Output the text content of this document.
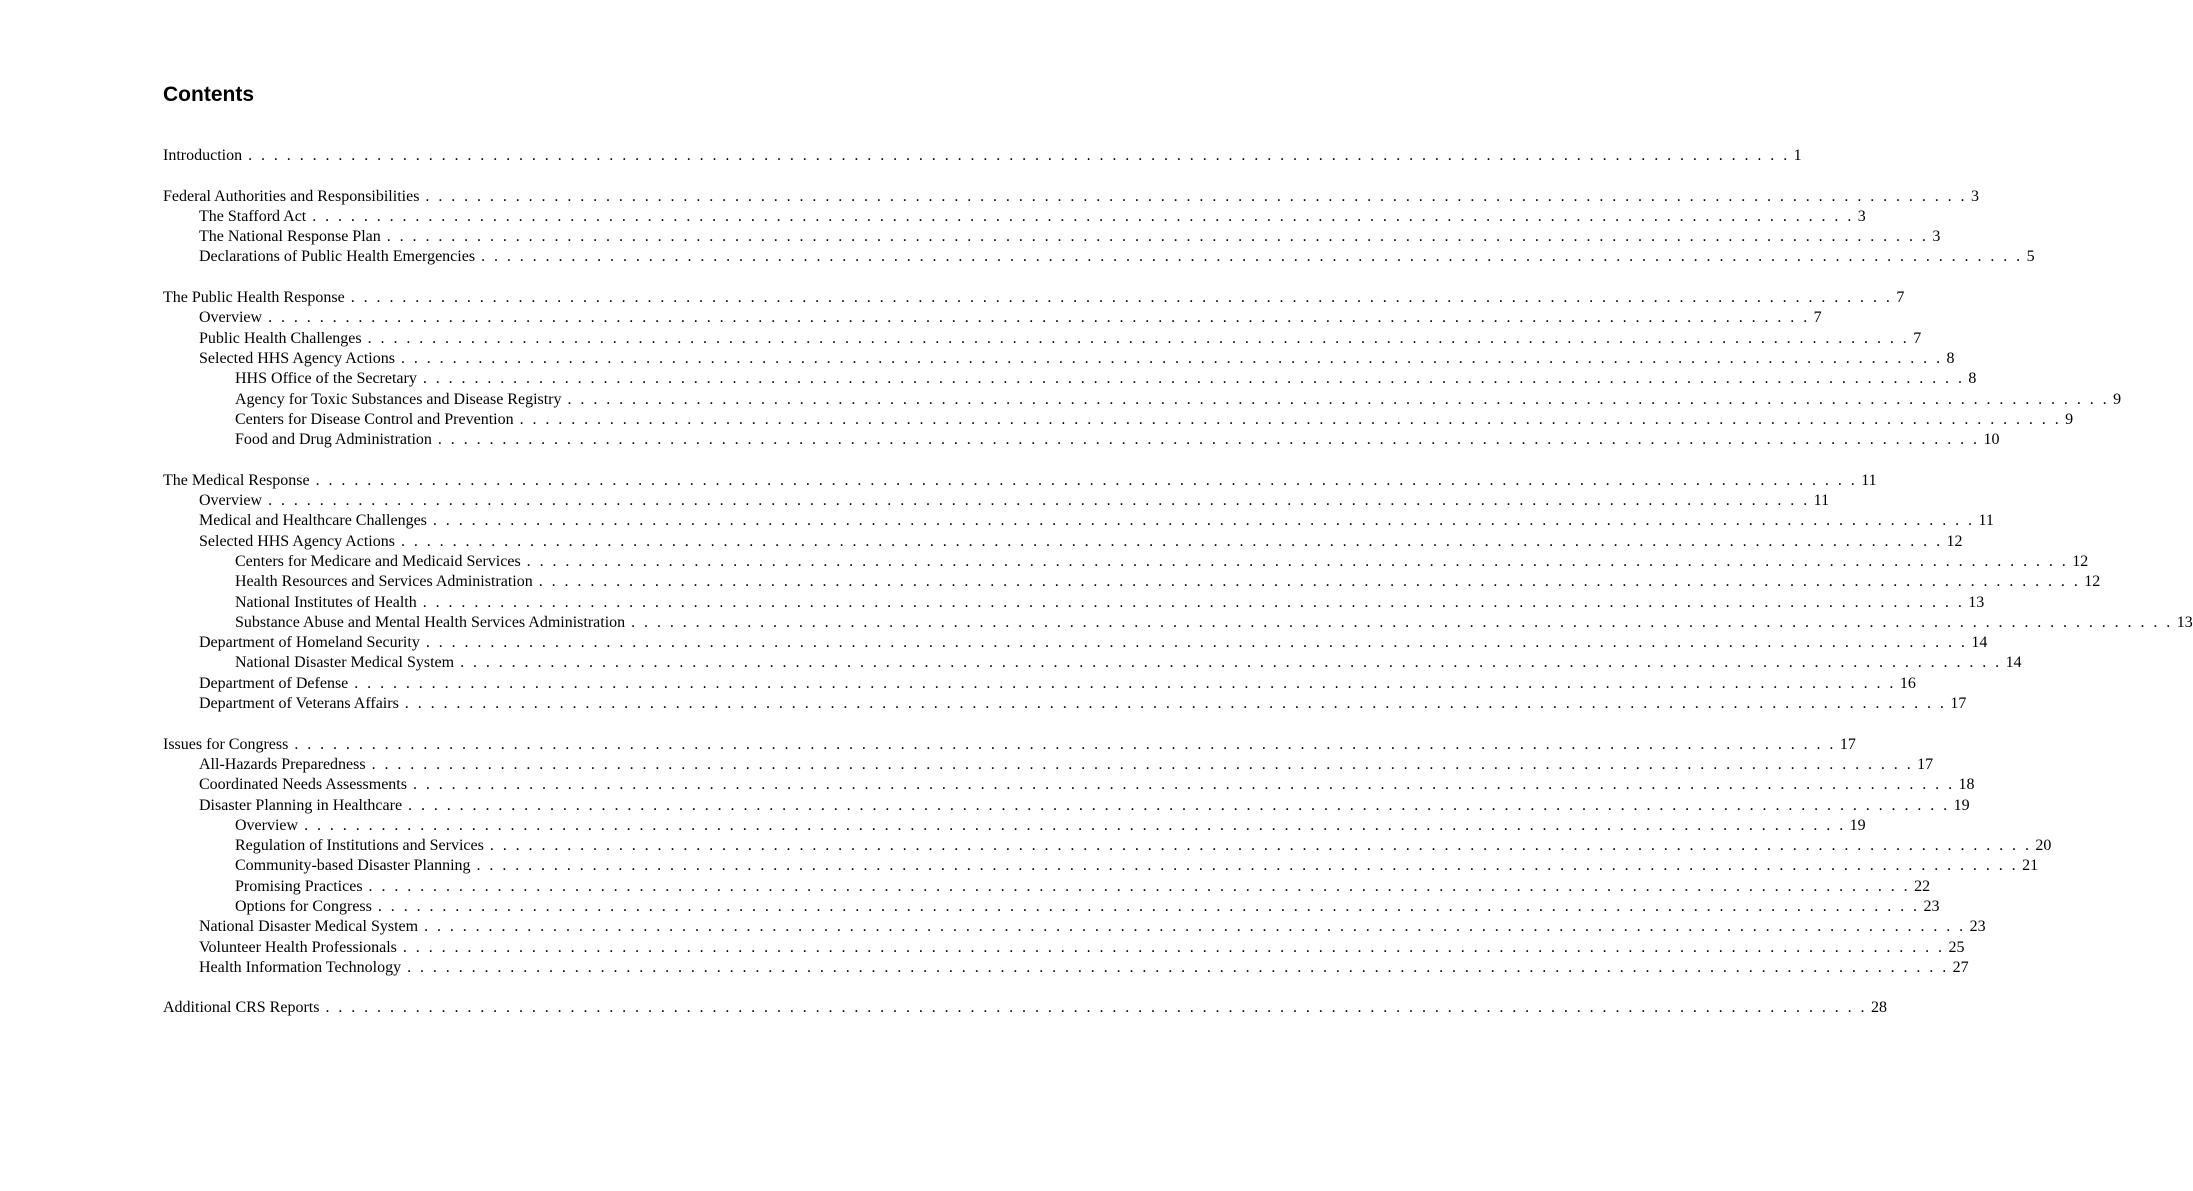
Contents
Introduction . . . . . . . . . . . . . . . . . . . . . . . . . . . . . . . . . . . . . . . . . . . . . . . . . . . . . . . . . . . . . . . . . . . . . . . . . . . . . . . . . . . . . . . . . . . . . . . . . . . . . . . . . . . . . . . . . . . . . . . . 1
Federal Authorities and Responsibilities . . . . . . . . . . . . . . . . . . . . . . . . . . . . . . . . . . . . . . . . . . . . . . . . . . . . . . . . . . . . . . . . . . . . . . . . . . . . . . . . . . . . . . . . . . . . . . . . . . . . . . . . . . . . . . . . . . . . . . . . 3
The Stafford Act . . . . . . . . . . . . . . . . . . . . . . . . . . . . . . . . . . . . . . . . . . . . . . . . . . . . . . . . . . . . . . . . . . . . . . . . . . . . . . . . . . . . . . . . . . . . . . . . . . . . . . . . . . . . . . . . . . . . . . . . 3
The National Response Plan . . . . . . . . . . . . . . . . . . . . . . . . . . . . . . . . . . . . . . . . . . . . . . . . . . . . . . . . . . . . . . . . . . . . . . . . . . . . . . . . . . . . . . . . . . . . . . . . . . . . . . . . . . . . . . . . . . . . . . . . 3
Declarations of Public Health Emergencies . . . . . . . . . . . . . . . . . . . . . . . . . . . . . . . . . . . . . . . . . . . . . . . . . . . . . . . . . . . . . . . . . . . . . . . . . . . . . . . . . . . . . . . . . . . . . . . . . . . . . . . . . . . . . . . . . . . . . . . . 5
The Public Health Response . . . . . . . . . . . . . . . . . . . . . . . . . . . . . . . . . . . . . . . . . . . . . . . . . . . . . . . . . . . . . . . . . . . . . . . . . . . . . . . . . . . . . . . . . . . . . . . . . . . . . . . . . . . . . . . . . . . . . . . . 7
Overview . . . . . . . . . . . . . . . . . . . . . . . . . . . . . . . . . . . . . . . . . . . . . . . . . . . . . . . . . . . . . . . . . . . . . . . . . . . . . . . . . . . . . . . . . . . . . . . . . . . . . . . . . . . . . . . . . . . . . . . . 7
Public Health Challenges . . . . . . . . . . . . . . . . . . . . . . . . . . . . . . . . . . . . . . . . . . . . . . . . . . . . . . . . . . . . . . . . . . . . . . . . . . . . . . . . . . . . . . . . . . . . . . . . . . . . . . . . . . . . . . . . . . . . . . . . 7
Selected HHS Agency Actions . . . . . . . . . . . . . . . . . . . . . . . . . . . . . . . . . . . . . . . . . . . . . . . . . . . . . . . . . . . . . . . . . . . . . . . . . . . . . . . . . . . . . . . . . . . . . . . . . . . . . . . . . . . . . . . . . . . . . . . . 8
HHS Office of the Secretary . . . . . . . . . . . . . . . . . . . . . . . . . . . . . . . . . . . . . . . . . . . . . . . . . . . . . . . . . . . . . . . . . . . . . . . . . . . . . . . . . . . . . . . . . . . . . . . . . . . . . . . . . . . . . . . . . . . . . . . . 8
Agency for Toxic Substances and Disease Registry . . . . . . . . . . . . . . . . . . . . . . . . . . . . . . . . . . . . . . . . . . . . . . . . . . . . . . . . . . . . . . . . . . . . . . . . . . . . . . . . . . . . . . . . . . . . . . . . . . . . . . . . . . . . . . . . . . . . . . . . 9
Centers for Disease Control and Prevention . . . . . . . . . . . . . . . . . . . . . . . . . . . . . . . . . . . . . . . . . . . . . . . . . . . . . . . . . . . . . . . . . . . . . . . . . . . . . . . . . . . . . . . . . . . . . . . . . . . . . . . . . . . . . . . . . . . . . . . . 9
Food and Drug Administration . . . . . . . . . . . . . . . . . . . . . . . . . . . . . . . . . . . . . . . . . . . . . . . . . . . . . . . . . . . . . . . . . . . . . . . . . . . . . . . . . . . . . . . . . . . . . . . . . . . . . . . . . . . . . . . . . . . . . . . . 10
The Medical Response . . . . . . . . . . . . . . . . . . . . . . . . . . . . . . . . . . . . . . . . . . . . . . . . . . . . . . . . . . . . . . . . . . . . . . . . . . . . . . . . . . . . . . . . . . . . . . . . . . . . . . . . . . . . . . . . . . . . . . . . 11
Overview . . . . . . . . . . . . . . . . . . . . . . . . . . . . . . . . . . . . . . . . . . . . . . . . . . . . . . . . . . . . . . . . . . . . . . . . . . . . . . . . . . . . . . . . . . . . . . . . . . . . . . . . . . . . . . . . . . . . . . . . 11
Medical and Healthcare Challenges . . . . . . . . . . . . . . . . . . . . . . . . . . . . . . . . . . . . . . . . . . . . . . . . . . . . . . . . . . . . . . . . . . . . . . . . . . . . . . . . . . . . . . . . . . . . . . . . . . . . . . . . . . . . . . . . . . . . . . . . 11
Selected HHS Agency Actions . . . . . . . . . . . . . . . . . . . . . . . . . . . . . . . . . . . . . . . . . . . . . . . . . . . . . . . . . . . . . . . . . . . . . . . . . . . . . . . . . . . . . . . . . . . . . . . . . . . . . . . . . . . . . . . . . . . . . . . . 12
Centers for Medicare and Medicaid Services . . . . . . . . . . . . . . . . . . . . . . . . . . . . . . . . . . . . . . . . . . . . . . . . . . . . . . . . . . . . . . . . . . . . . . . . . . . . . . . . . . . . . . . . . . . . . . . . . . . . . . . . . . . . . . . . . . . . . . . . 12
Health Resources and Services Administration . . . . . . . . . . . . . . . . . . . . . . . . . . . . . . . . . . . . . . . . . . . . . . . . . . . . . . . . . . . . . . . . . . . . . . . . . . . . . . . . . . . . . . . . . . . . . . . . . . . . . . . . . . . . . . . . . . . . . . . . 12
National Institutes of Health . . . . . . . . . . . . . . . . . . . . . . . . . . . . . . . . . . . . . . . . . . . . . . . . . . . . . . . . . . . . . . . . . . . . . . . . . . . . . . . . . . . . . . . . . . . . . . . . . . . . . . . . . . . . . . . . . . . . . . . . 13
Substance Abuse and Mental Health Services Administration . . . . . . . . . . . . . . . . . . . . . . . . . . . . . . . . . . . . . . . . . . . . . . . . . . . . . . . . . . . . . . . . . . . . . . . . . . . . . . . . . . . . . . . . . . . . . . . . . . . . . . . . . . . . . . . . . . . . . . . . 13
Department of Homeland Security . . . . . . . . . . . . . . . . . . . . . . . . . . . . . . . . . . . . . . . . . . . . . . . . . . . . . . . . . . . . . . . . . . . . . . . . . . . . . . . . . . . . . . . . . . . . . . . . . . . . . . . . . . . . . . . . . . . . . . . . 14
National Disaster Medical System . . . . . . . . . . . . . . . . . . . . . . . . . . . . . . . . . . . . . . . . . . . . . . . . . . . . . . . . . . . . . . . . . . . . . . . . . . . . . . . . . . . . . . . . . . . . . . . . . . . . . . . . . . . . . . . . . . . . . . . . 14
Department of Defense . . . . . . . . . . . . . . . . . . . . . . . . . . . . . . . . . . . . . . . . . . . . . . . . . . . . . . . . . . . . . . . . . . . . . . . . . . . . . . . . . . . . . . . . . . . . . . . . . . . . . . . . . . . . . . . . . . . . . . . . 16
Department of Veterans Affairs . . . . . . . . . . . . . . . . . . . . . . . . . . . . . . . . . . . . . . . . . . . . . . . . . . . . . . . . . . . . . . . . . . . . . . . . . . . . . . . . . . . . . . . . . . . . . . . . . . . . . . . . . . . . . . . . . . . . . . . . 17
Issues for Congress . . . . . . . . . . . . . . . . . . . . . . . . . . . . . . . . . . . . . . . . . . . . . . . . . . . . . . . . . . . . . . . . . . . . . . . . . . . . . . . . . . . . . . . . . . . . . . . . . . . . . . . . . . . . . . . . . . . . . . . . 17
All-Hazards Preparedness . . . . . . . . . . . . . . . . . . . . . . . . . . . . . . . . . . . . . . . . . . . . . . . . . . . . . . . . . . . . . . . . . . . . . . . . . . . . . . . . . . . . . . . . . . . . . . . . . . . . . . . . . . . . . . . . . . . . . . . . 17
Coordinated Needs Assessments . . . . . . . . . . . . . . . . . . . . . . . . . . . . . . . . . . . . . . . . . . . . . . . . . . . . . . . . . . . . . . . . . . . . . . . . . . . . . . . . . . . . . . . . . . . . . . . . . . . . . . . . . . . . . . . . . . . . . . . . 18
Disaster Planning in Healthcare . . . . . . . . . . . . . . . . . . . . . . . . . . . . . . . . . . . . . . . . . . . . . . . . . . . . . . . . . . . . . . . . . . . . . . . . . . . . . . . . . . . . . . . . . . . . . . . . . . . . . . . . . . . . . . . . . . . . . . . . 19
Overview . . . . . . . . . . . . . . . . . . . . . . . . . . . . . . . . . . . . . . . . . . . . . . . . . . . . . . . . . . . . . . . . . . . . . . . . . . . . . . . . . . . . . . . . . . . . . . . . . . . . . . . . . . . . . . . . . . . . . . . . 19
Regulation of Institutions and Services . . . . . . . . . . . . . . . . . . . . . . . . . . . . . . . . . . . . . . . . . . . . . . . . . . . . . . . . . . . . . . . . . . . . . . . . . . . . . . . . . . . . . . . . . . . . . . . . . . . . . . . . . . . . . . . . . . . . . . . . 20
Community-based Disaster Planning . . . . . . . . . . . . . . . . . . . . . . . . . . . . . . . . . . . . . . . . . . . . . . . . . . . . . . . . . . . . . . . . . . . . . . . . . . . . . . . . . . . . . . . . . . . . . . . . . . . . . . . . . . . . . . . . . . . . . . . . 21
Promising Practices . . . . . . . . . . . . . . . . . . . . . . . . . . . . . . . . . . . . . . . . . . . . . . . . . . . . . . . . . . . . . . . . . . . . . . . . . . . . . . . . . . . . . . . . . . . . . . . . . . . . . . . . . . . . . . . . . . . . . . . . 22
Options for Congress . . . . . . . . . . . . . . . . . . . . . . . . . . . . . . . . . . . . . . . . . . . . . . . . . . . . . . . . . . . . . . . . . . . . . . . . . . . . . . . . . . . . . . . . . . . . . . . . . . . . . . . . . . . . . . . . . . . . . . . . 23
National Disaster Medical System . . . . . . . . . . . . . . . . . . . . . . . . . . . . . . . . . . . . . . . . . . . . . . . . . . . . . . . . . . . . . . . . . . . . . . . . . . . . . . . . . . . . . . . . . . . . . . . . . . . . . . . . . . . . . . . . . . . . . . . . 23
Volunteer Health Professionals . . . . . . . . . . . . . . . . . . . . . . . . . . . . . . . . . . . . . . . . . . . . . . . . . . . . . . . . . . . . . . . . . . . . . . . . . . . . . . . . . . . . . . . . . . . . . . . . . . . . . . . . . . . . . . . . . . . . . . . . 25
Health Information Technology . . . . . . . . . . . . . . . . . . . . . . . . . . . . . . . . . . . . . . . . . . . . . . . . . . . . . . . . . . . . . . . . . . . . . . . . . . . . . . . . . . . . . . . . . . . . . . . . . . . . . . . . . . . . . . . . . . . . . . . . 27
Additional CRS Reports . . . . . . . . . . . . . . . . . . . . . . . . . . . . . . . . . . . . . . . . . . . . . . . . . . . . . . . . . . . . . . . . . . . . . . . . . . . . . . . . . . . . . . . . . . . . . . . . . . . . . . . . . . . . . . . . . . . . . . . . 28
